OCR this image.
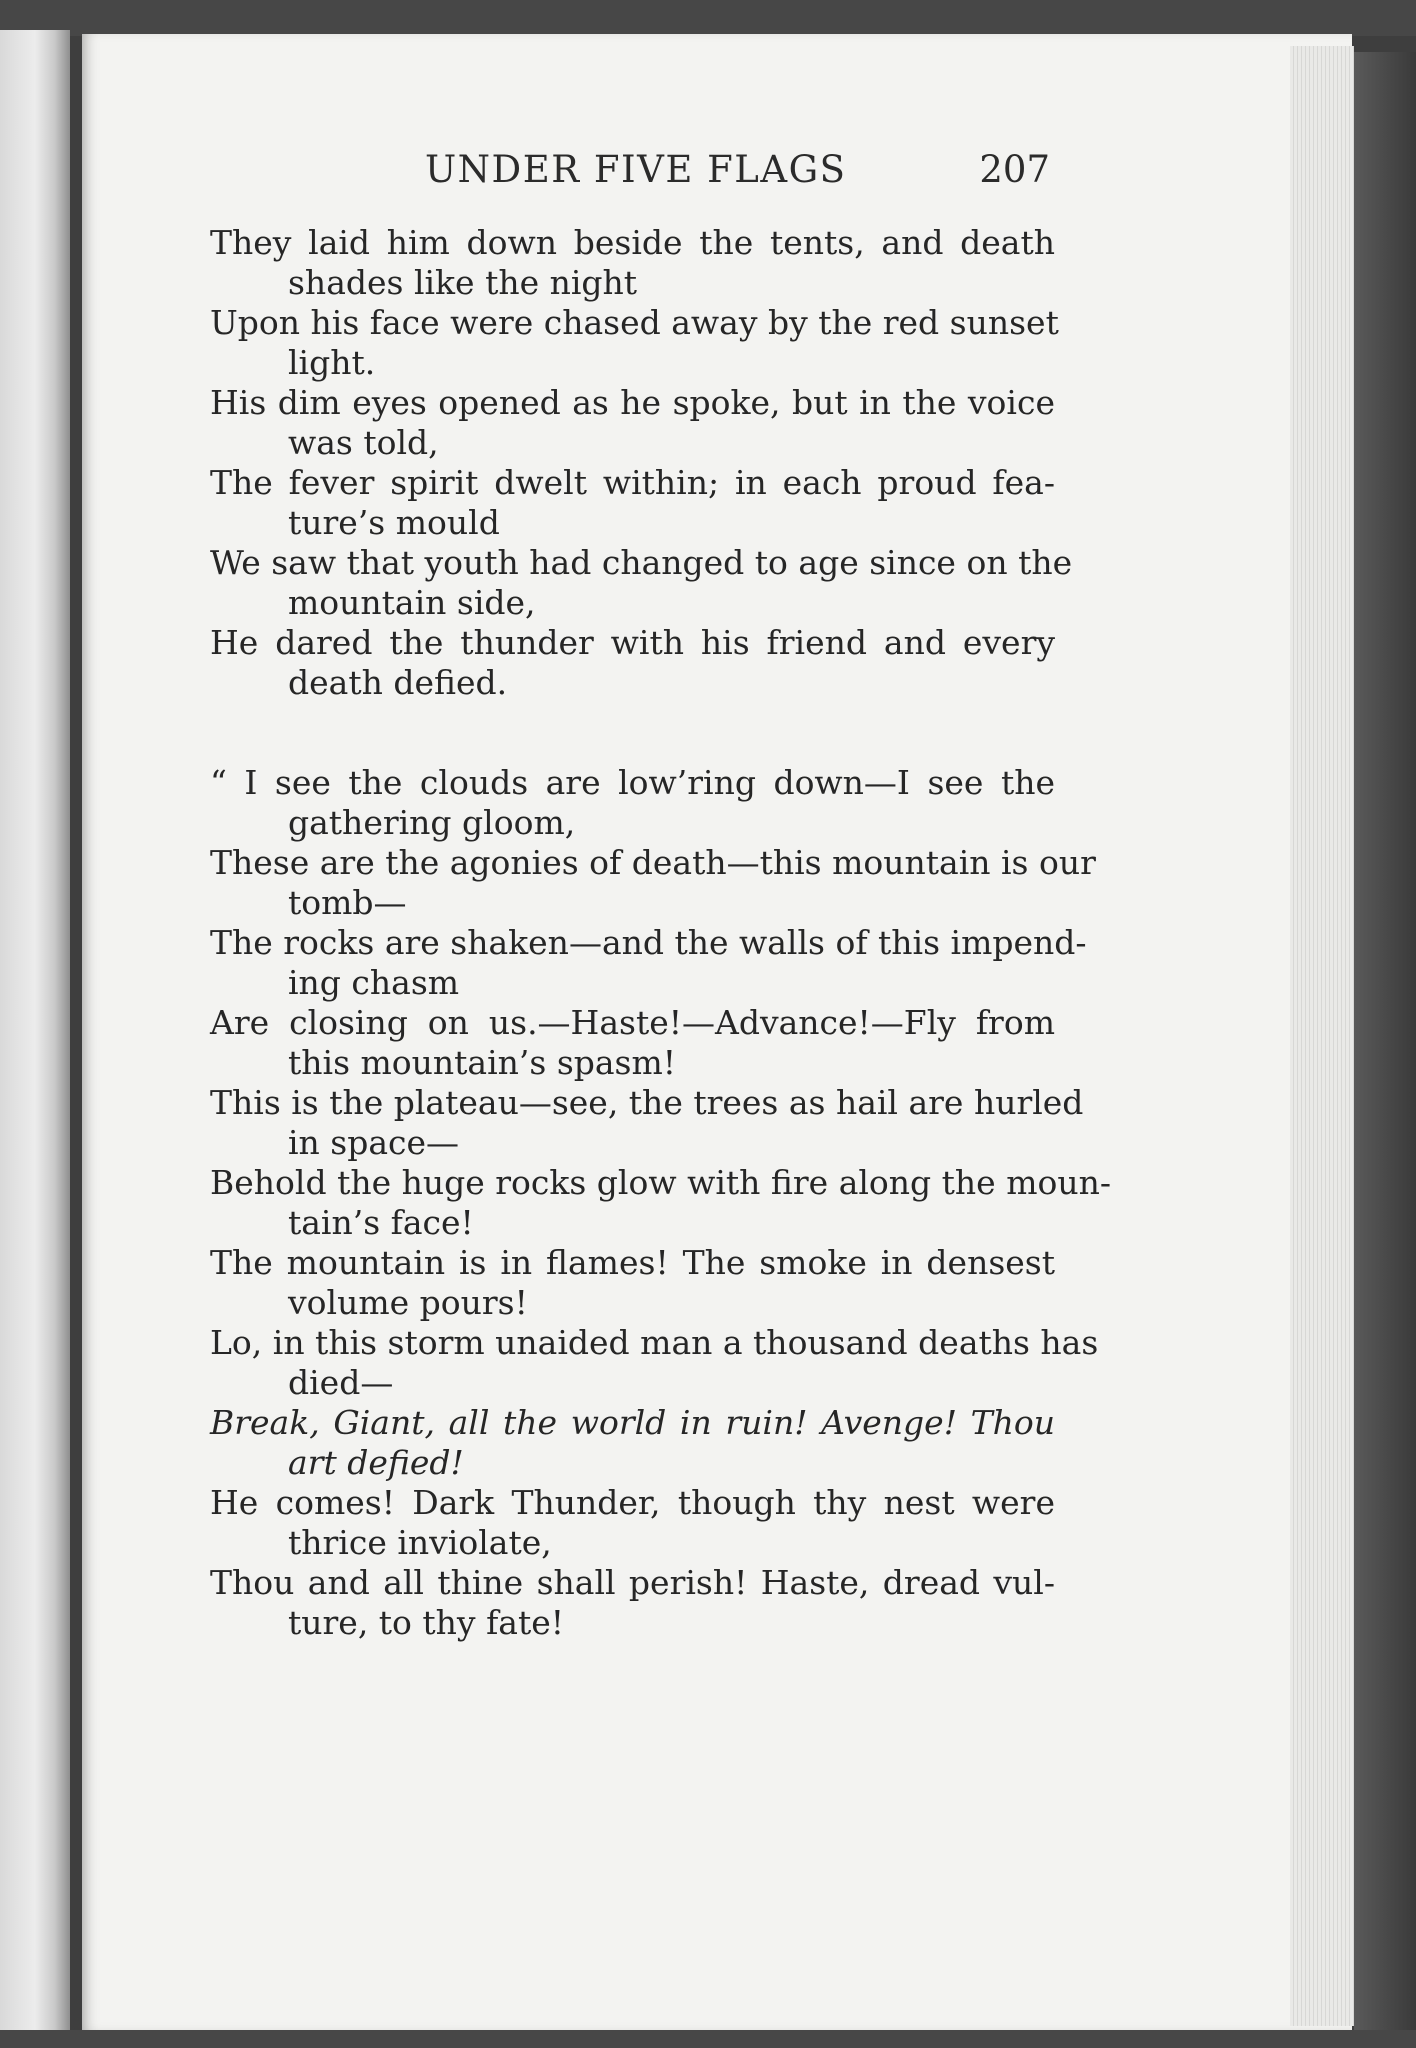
UNDER FIVE FLAGS	207
They laid him down beside the tents, and death
shades like the night
Upon his face were chased away by the red sunset
light.
His dim eyes opened as he spoke, but in the voice
was told,
The fever spirit dwelt within; in each proud fea-
ture’s mould
We saw that youth had changed to age since on the
mountain side,
He dared the thunder with his friend and every
death defied.
“ I see the clouds are low’ring down—I see the
gathering gloom,
These are the agonies of death—this mountain is our
tomb—
The rocks are shaken—and the walls of this impend-
ing chasm
Are closing on us.—Haste!—Advance!—Fly from
this mountain’s spasm!
This is the plateau—see, the trees as hail are hurled
in space—
Behold the huge rocks glow with fire along the moun-
tain’s face!
The mountain is in flames! The smoke in densest
volume pours!
Lo, in this storm unaided man a thousand deaths has
died—
Break, Giant, all the world in ruin! Avenge! Thou
art defied!
He comes! Dark Thunder, though thy nest were
thrice inviolate,
Thou and all thine shall perish! Haste, dread vul-
ture, to thy fate!
